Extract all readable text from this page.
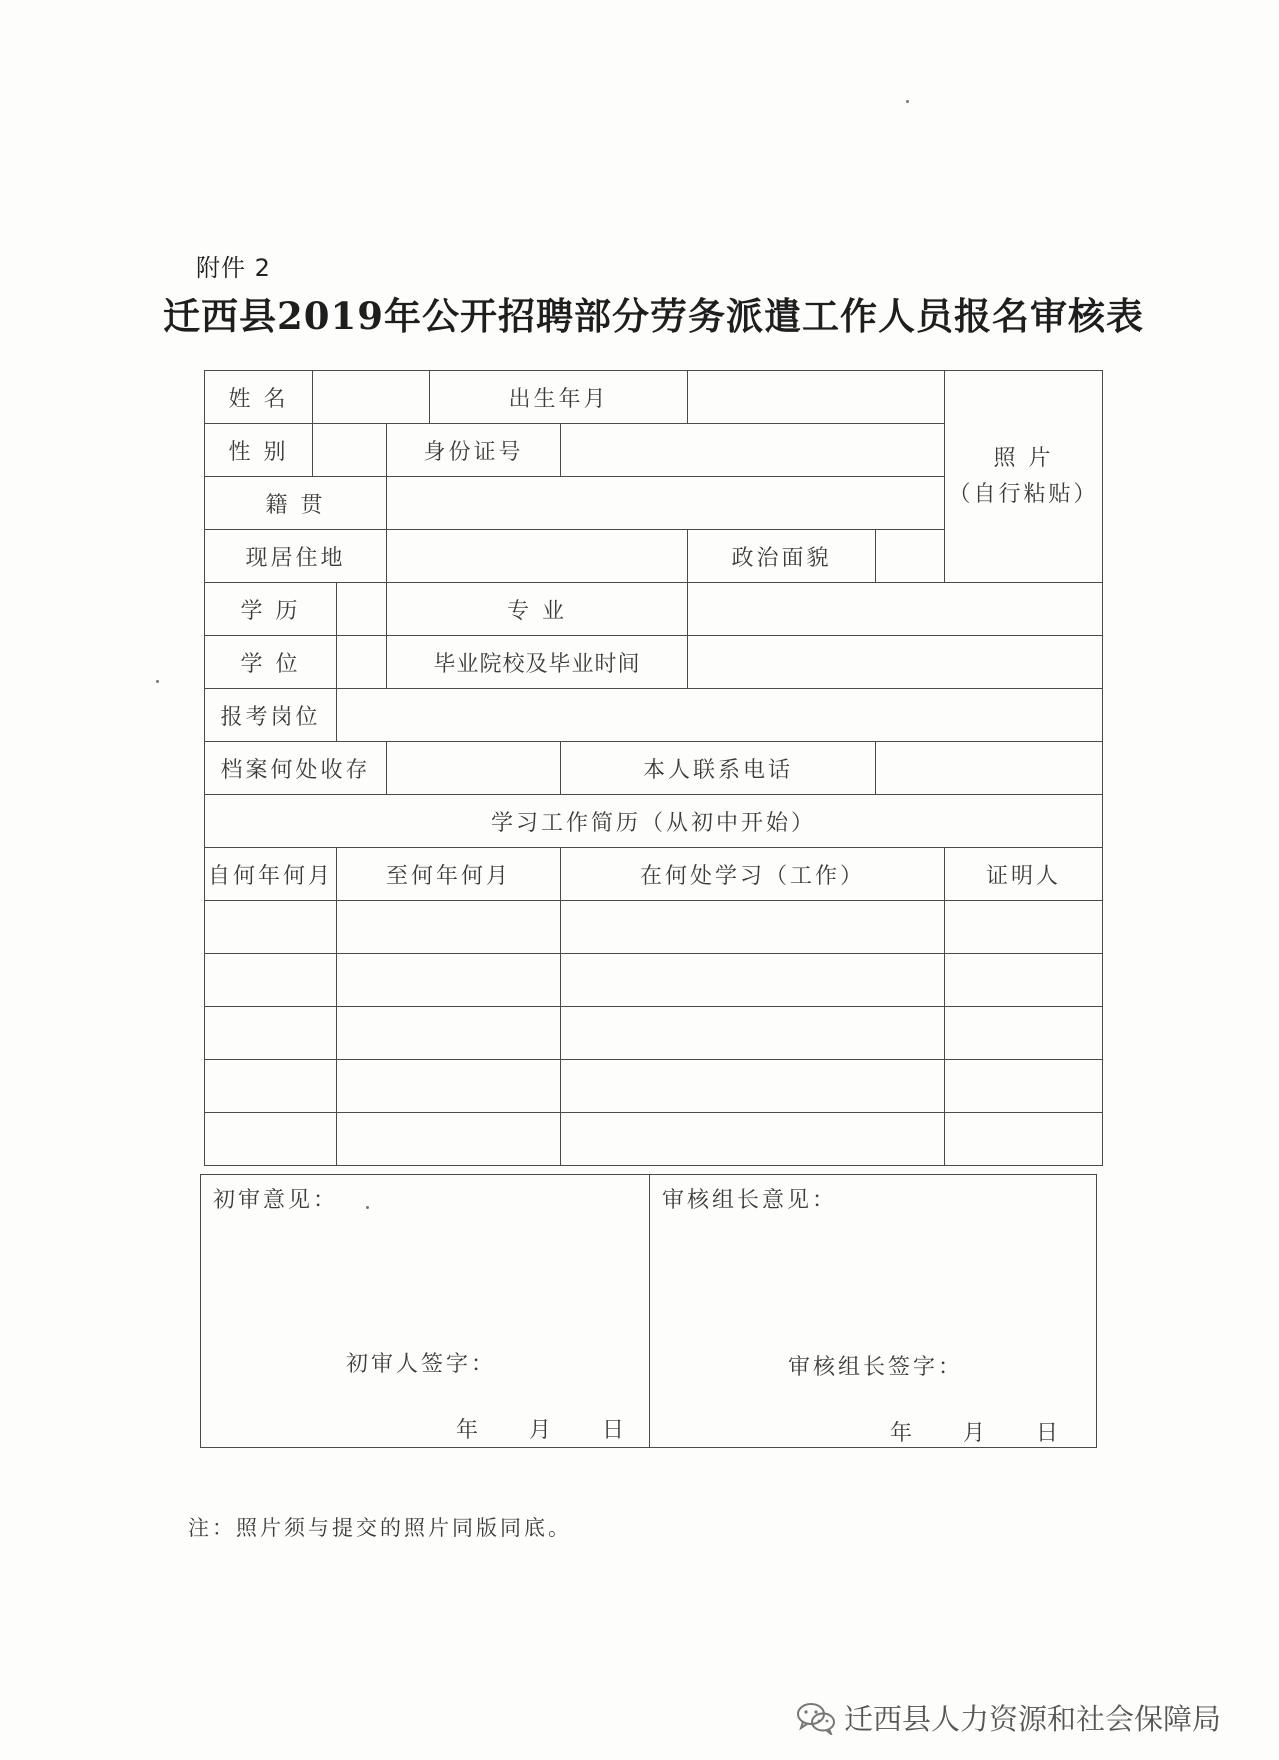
附件 2
迁西县2019年公开招聘部分劳务派遣工作人员报名审核表
姓 名				出生年月				照 片
（自行粘贴）

性 别			身份证号					
籍 贯								
现居住地						政治面貌		
学 历			专 业					
学 位			毕业院校及毕业时间					
报考岗位								
档案何处收存					本人联系电话			
学习工作简历（从初中开始）								
自何年何月		至何年何月			在何处学习（工作）			证明人

初审意见：
初审人签字：
年 月 日
审核组长意见：
审核组长签字：
年 月 日
注：照片须与提交的照片同版同底。
迁西县人力资源和社会保障局
